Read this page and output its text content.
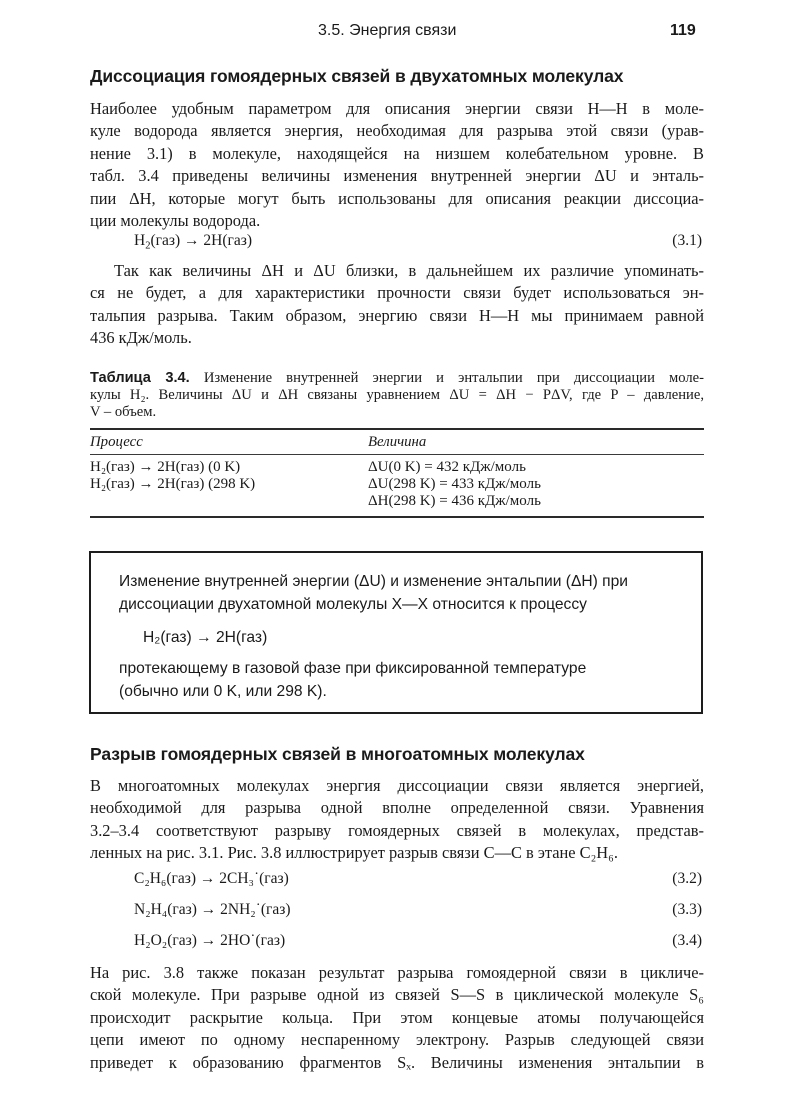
3.5. Энергия связи	119
Диссоциация гомоядерных связей в двухатомных молекулах
Наиболее удобным параметром для описания энергии связи H—H в моле-
куле водорода является энергия, необходимая для разрыва этой связи (урав-
нение 3.1) в молекуле, находящейся на низшем колебательном уровне. В
табл. 3.4 приведены величины изменения внутренней энергии ΔU и энталь-
пии ΔH, которые могут быть использованы для описания реакции диссоциа-
ции молекулы водорода.
$H_2(газ) \to 2H(газ)$	(3.1)
Так как величины ΔH и ΔU близки, в дальнейшем их различие упоминать-
ся не будет, а для характеристики прочности связи будет использоваться эн-
тальпия разрыва. Таким образом, энергию связи H—H мы принимаем равной
436 кДж/моль.
Таблица 3.4. Изменение внутренней энергии и энтальпии при диссоциации моле-
кулы H₂. Величины ΔU и ΔH связаны уравнением ΔU = ΔH − PΔV, где P – давление,
V – объем.
Процесс	Величина
H₂(газ) → 2H(газ) (0 K)	ΔU(0 K) = 432 кДж/моль
H₂(газ) → 2H(газ) (298 K)	ΔU(298 K) = 433 кДж/моль
ΔH(298 K) = 436 кДж/моль
Изменение внутренней энергии (ΔU) и изменение энтальпии (ΔH) при
диссоциации двухатомной молекулы X—X относится к процессу
H₂(газ) → 2H(газ)
протекающему в газовой фазе при фиксированной температуре
(обычно или 0 K, или 298 K).
Разрыв гомоядерных связей в многоатомных молекулах
В многоатомных молекулах энергия диссоциации связи является энергией,
необходимой для разрыва одной вполне определенной связи. Уравнения
3.2–3.4 соответствуют разрыву гомоядерных связей в молекулах, представ-
ленных на рис. 3.1. Рис. 3.8 иллюстрирует разрыв связи C—C в этане C₂H₆.
C₂H₆(газ) → 2CH₃˙(газ)	(3.2)
N₂H₄(газ) → 2NH₂˙(газ)	(3.3)
H₂O₂(газ) → 2HO˙(газ)	(3.4)
На рис. 3.8 также показан результат разрыва гомоядерной связи в цикличе-
ской молекуле. При разрыве одной из связей S—S в циклической молекуле S₆
происходит раскрытие кольца. При этом концевые атомы получающейся
цепи имеют по одному неспаренному электрону. Разрыв следующей связи
приведет к образованию фрагментов Sₓ. Величины изменения энтальпии в
